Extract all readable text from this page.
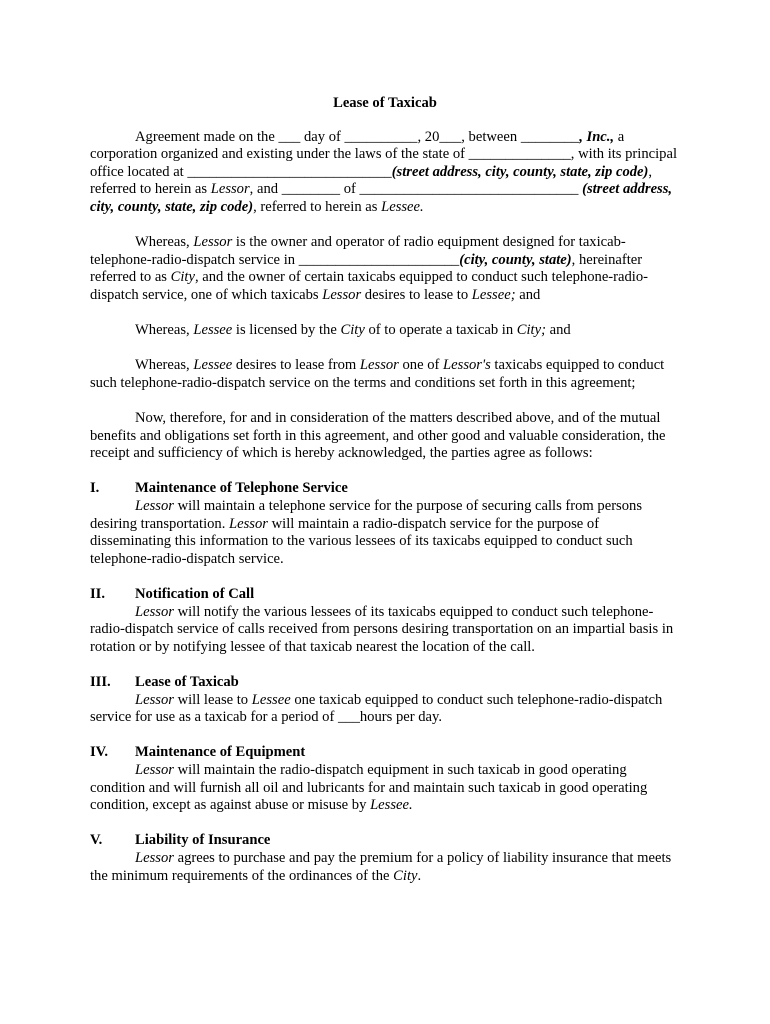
Lease of Taxicab

Agreement made on the ___ day of __________, 20___, between ________, Inc., a corporation organized and existing under the laws of the state of ______________, with its principal office located at ____________________________(street address, city, county, state, zip code), referred to herein as Lessor, and ________ of ______________________________ (street address, city, county, state, zip code), referred to herein as Lessee.

Whereas, Lessor is the owner and operator of radio equipment designed for taxicab-telephone-radio-dispatch service in ______________________(city, county, state), hereinafter referred to as City, and the owner of certain taxicabs equipped to conduct such telephone-radio-dispatch service, one of which taxicabs Lessor desires to lease to Lessee; and

Whereas, Lessee is licensed by the City of to operate a taxicab in City; and

Whereas, Lessee desires to lease from Lessor one of Lessor's taxicabs equipped to conduct such telephone-radio-dispatch service on the terms and conditions set forth in this agreement;

Now, therefore, for and in consideration of the matters described above, and of the mutual benefits and obligations set forth in this agreement, and other good and valuable consideration, the receipt and sufficiency of which is hereby acknowledged, the parties agree as follows:

I.	Maintenance of Telephone Service

Lessor will maintain a telephone service for the purpose of securing calls from persons desiring transportation. Lessor will maintain a radio-dispatch service for the purpose of disseminating this information to the various lessees of its taxicabs equipped to conduct such telephone-radio-dispatch service.

II.	Notification of Call

Lessor will notify the various lessees of its taxicabs equipped to conduct such telephone-radio-dispatch service of calls received from persons desiring transportation on an impartial basis in rotation or by notifying lessee of that taxicab nearest the location of the call.

III.	Lease of Taxicab

Lessor will lease to Lessee one taxicab equipped to conduct such telephone-radio-dispatch service for use as a taxicab for a period of ___hours per day.

IV.	Maintenance of Equipment

Lessor will maintain the radio-dispatch equipment in such taxicab in good operating condition and will furnish all oil and lubricants for and maintain such taxicab in good operating condition, except as against abuse or misuse by Lessee.

V.	Liability of Insurance

Lessor agrees to purchase and pay the premium for a policy of liability insurance that meets the minimum requirements of the ordinances of the City.
